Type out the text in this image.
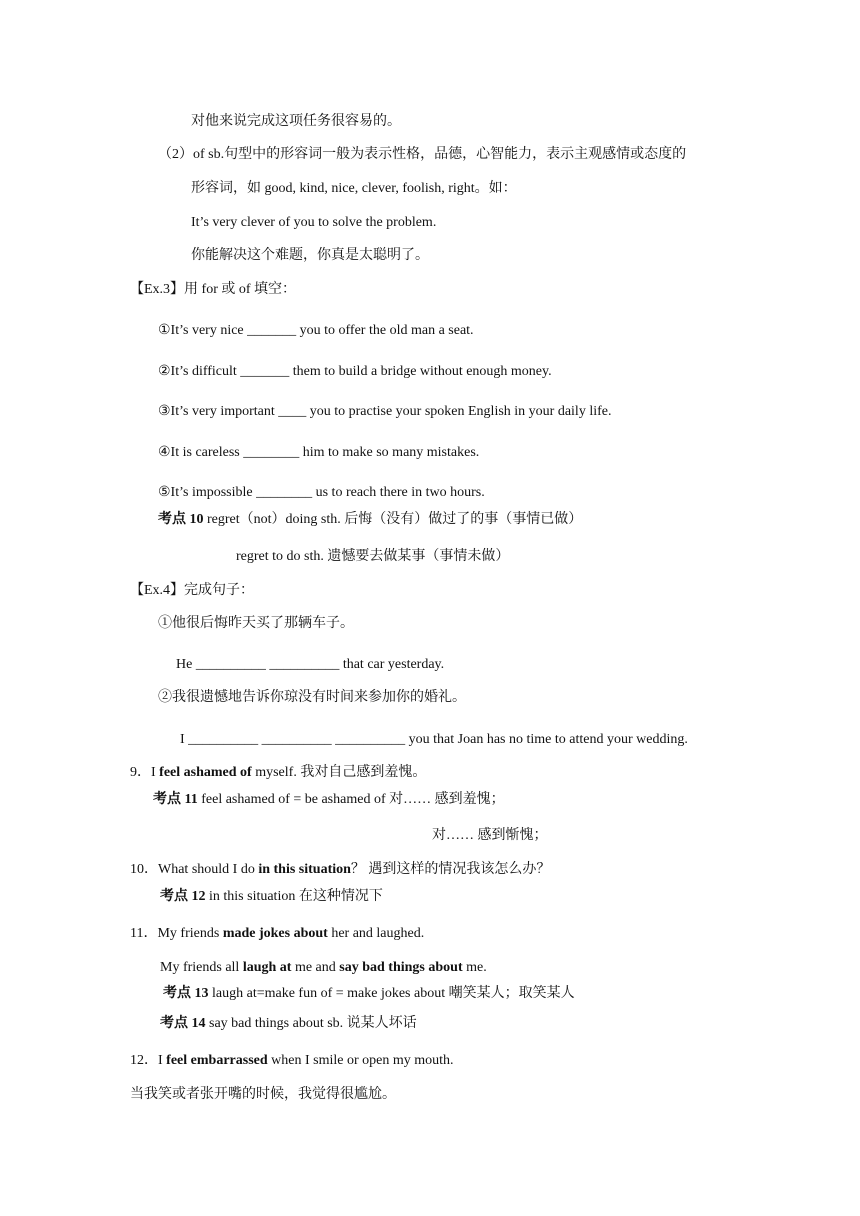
对他来说完成这项任务很容易的。
（2）of sb.句型中的形容词一般为表示性格，品德，心智能力，表示主观感情或态度的
形容词，如 good, kind, nice, clever, foolish, right。如：
It’s very clever of you to solve the problem.
你能解决这个难题，你真是太聪明了。
【Ex.3】用 for 或 of 填空：
①It’s very nice _______ you to offer the old man a seat.
②It’s difficult _______ them to build a bridge without enough money.
③It’s very important ____ you to practise your spoken English in your daily life.
④It is careless ________ him to make so many mistakes.
⑤It’s impossible ________ us to reach there in two hours.
考点 10 regret（not）doing sth. 后悔（没有）做过了的事（事情已做）
regret to do sth. 遗憾要去做某事（事情未做）
【Ex.4】完成句子：
①他很后悔昨天买了那辆车子。
He __________ __________ that car yesterday.
②我很遗憾地告诉你琼没有时间来参加你的婚礼。
I __________ __________ __________ you that Joan has no time to attend your wedding.
9．I feel ashamed of myself. 我对自己感到羞愧。
考点 11 feel ashamed of = be ashamed of 对…… 感到羞愧；
对…… 感到惭愧；
10．What should I do in this situation？ 遇到这样的情况我该怎么办？
考点 12 in this situation 在这种情况下
11．My friends made jokes about her and laughed.
My friends all laugh at me and say bad things about me.
考点 13 laugh at=make fun of = make jokes about 嘲笑某人；取笑某人
考点 14 say bad things about sb. 说某人坏话
12．I feel embarrassed when I smile or open my mouth.
当我笑或者张开嘴的时候，我觉得很尴尬。
